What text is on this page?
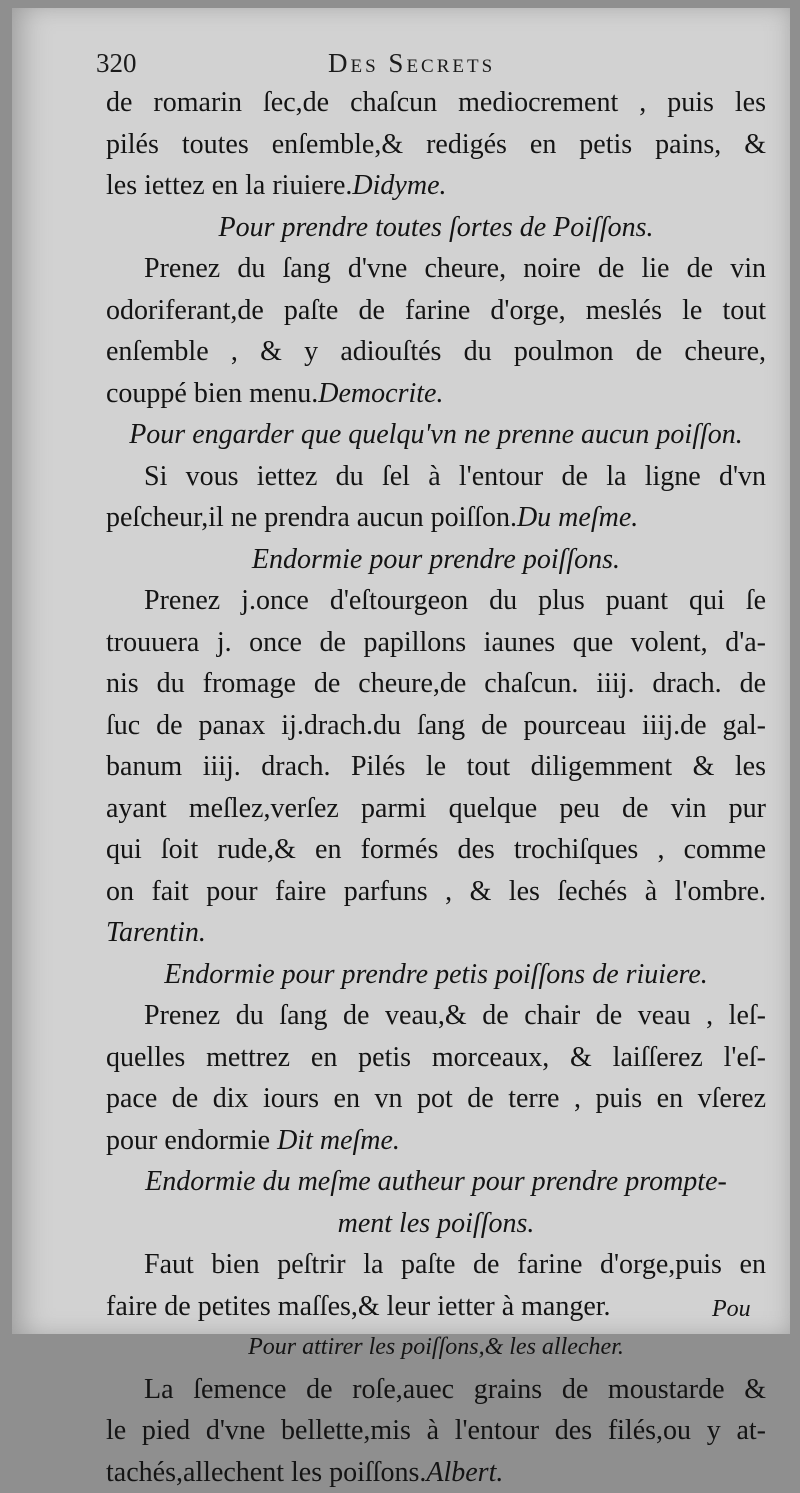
320	Des Secrets
de romarin ſec,de chaſcun mediocrement , puis les
pilés toutes enſemble,& redigés en petis pains, &
les iettez en la riuiere.Didyme.
Pour prendre toutes ſortes de Poiſſons.
Prenez du ſang d'vne cheure, noire de lie de vin
odoriferant,de paſte de farine d'orge, meslés le tout
enſemble , & y adiouſtés du poulmon de cheure,
couppé bien menu.Democrite.
Pour engarder que quelqu'vn ne prenne aucun poiſſon.
Si vous iettez du ſel à l'entour de la ligne d'vn
peſcheur,il ne prendra aucun poiſſon.Du meſme.
Endormie pour prendre poiſſons.
Prenez j.once d'eſtourgeon du plus puant qui ſe
trouuera j. once de papillons iaunes que volent, d'a-
nis du fromage de cheure,de chaſcun. iiij. drach. de
ſuc de panax ij.drach.du ſang de pourceau iiij.de gal-
banum iiij. drach. Pilés le tout diligemment & les
ayant meſlez,verſez parmi quelque peu de vin pur
qui ſoit rude,& en formés des trochiſques , comme
on fait pour faire parfuns , & les ſechés à l'ombre.
Tarentin.
Endormie pour prendre petis poiſſons de riuiere.
Prenez du ſang de veau,& de chair de veau , leſ-
quelles mettrez en petis morceaux, & laiſſerez l'eſ-
pace de dix iours en vn pot de terre , puis en vſerez
pour endormie Dit meſme.
Endormie du meſme autheur pour prendre prompte-
ment les poiſſons.
Faut bien peſtrir la paſte de farine d'orge,puis en
faire de petites maſſes,& leur ietter à manger.
Pour attirer les poiſſons,& les allecher.
La ſemence de roſe,auec grains de moustarde &
le pied d'vne bellette,mis à l'entour des filés,ou y at-
tachés,allechent les poiſſons.Albert.
Pou
